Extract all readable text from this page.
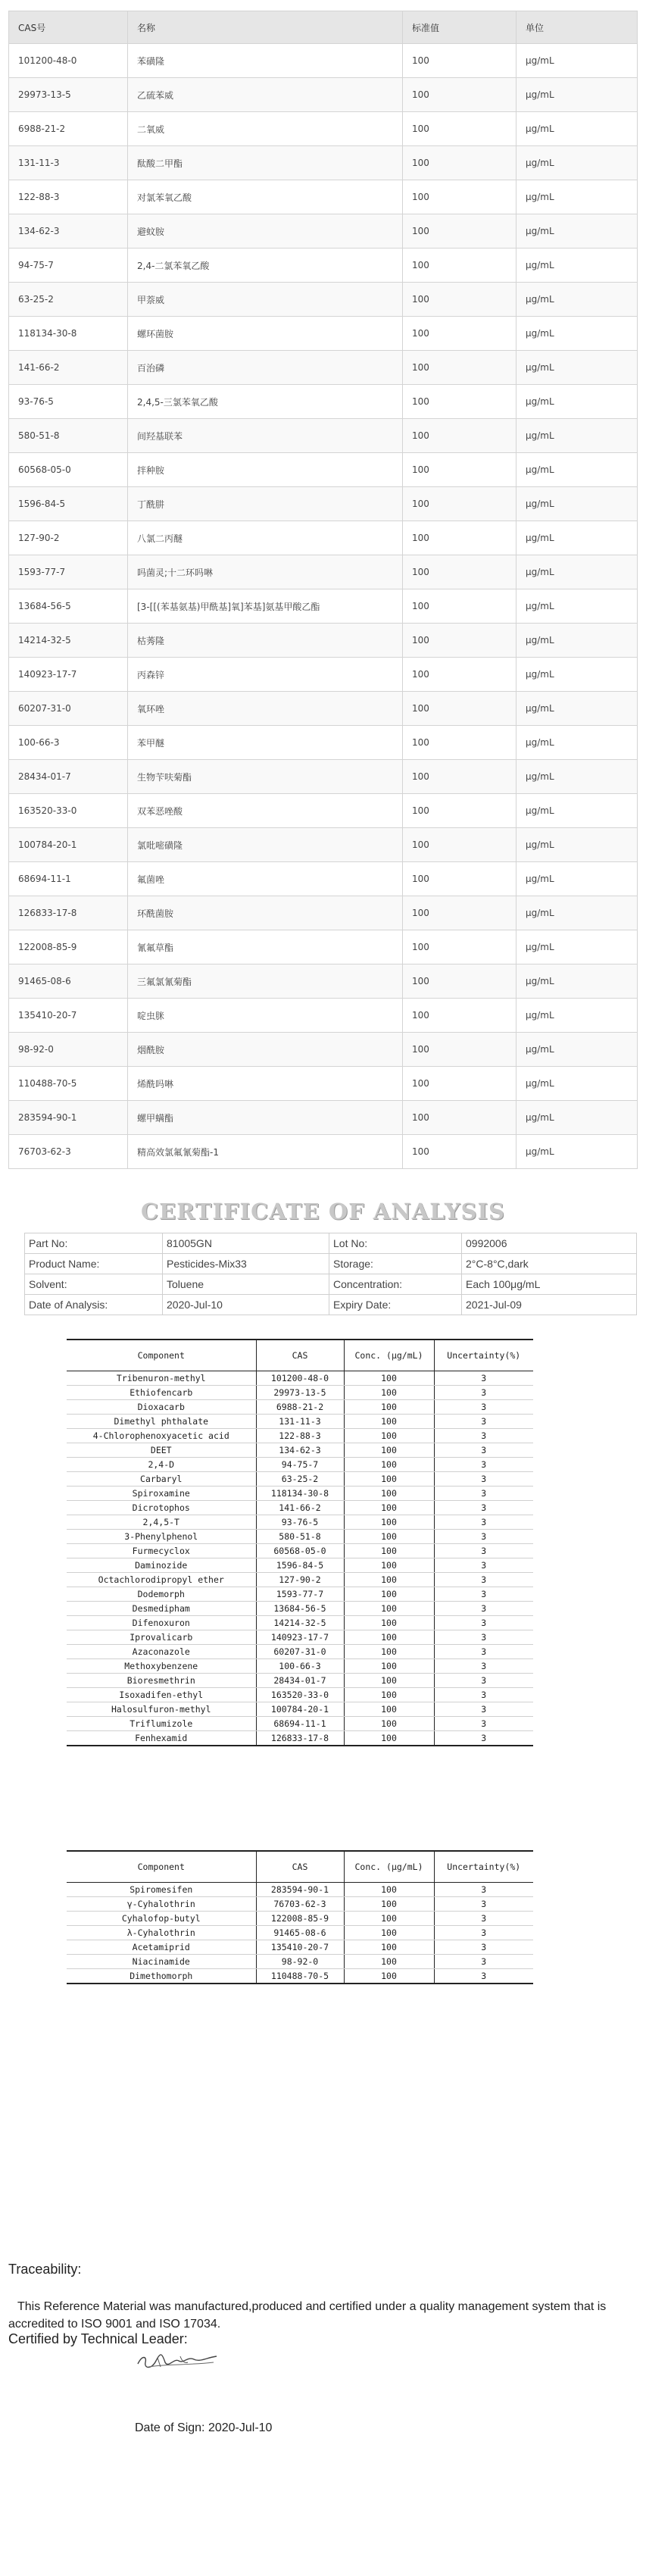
CAS号	名称	标准值	单位
101200-48-0	苯磺隆	100	μg/mL
29973-13-5	乙硫苯威	100	μg/mL
6988-21-2	二氧威	100	μg/mL
131-11-3	酞酸二甲酯	100	μg/mL
122-88-3	对氯苯氧乙酸	100	μg/mL
134-62-3	避蚊胺	100	μg/mL
94-75-7	2,4-二氯苯氧乙酸	100	μg/mL
63-25-2	甲萘威	100	μg/mL
118134-30-8	螺环菌胺	100	μg/mL
141-66-2	百治磷	100	μg/mL
93-76-5	2,4,5-三氯苯氧乙酸	100	μg/mL
580-51-8	间羟基联苯	100	μg/mL
60568-05-0	拌种胺	100	μg/mL
1596-84-5	丁酰肼	100	μg/mL
127-90-2	八氯二丙醚	100	μg/mL
1593-77-7	吗菌灵;十二环吗啉	100	μg/mL
13684-56-5	[3-[[(苯基氨基)甲酰基]氧]苯基]氨基甲酸乙酯	100	μg/mL
14214-32-5	枯莠隆	100	μg/mL
140923-17-7	丙森锌	100	μg/mL
60207-31-0	氧环唑	100	μg/mL
100-66-3	苯甲醚	100	μg/mL
28434-01-7	生物苄呋菊酯	100	μg/mL
163520-33-0	双苯恶唑酸	100	μg/mL
100784-20-1	氯吡嘧磺隆	100	μg/mL
68694-11-1	氟菌唑	100	μg/mL
126833-17-8	环酰菌胺	100	μg/mL
122008-85-9	氰氟草酯	100	μg/mL
91465-08-6	三氟氯氰菊酯	100	μg/mL
135410-20-7	啶虫脒	100	μg/mL
98-92-0	烟酰胺	100	μg/mL
110488-70-5	烯酰吗啉	100	μg/mL
283594-90-1	螺甲螨酯	100	μg/mL
76703-62-3	精高效氯氟氰菊酯-1	100	μg/mL
CERTIFICATE OF ANALYSIS
Part No:	81005GN	Lot No:	0992006
Product Name:	Pesticides-Mix33	Storage:	2°C-8°C,dark
Solvent:	Toluene	Concentration:	Each 100μg/mL
Date of Analysis:	2020-Jul-10	Expiry Date:	2021-Jul-09
Component	CAS	Conc. (μg/mL)	Uncertainty(%)
Tribenuron-methyl	101200-48-0	100	3
Ethiofencarb	29973-13-5	100	3
Dioxacarb	6988-21-2	100	3
Dimethyl phthalate	131-11-3	100	3
4-Chlorophenoxyacetic acid	122-88-3	100	3
DEET	134-62-3	100	3
2,4-D	94-75-7	100	3
Carbaryl	63-25-2	100	3
Spiroxamine	118134-30-8	100	3
Dicrotophos	141-66-2	100	3
2,4,5-T	93-76-5	100	3
3-Phenylphenol	580-51-8	100	3
Furmecyclox	60568-05-0	100	3
Daminozide	1596-84-5	100	3
Octachlorodipropyl ether	127-90-2	100	3
Dodemorph	1593-77-7	100	3
Desmedipham	13684-56-5	100	3
Difenoxuron	14214-32-5	100	3
Iprovalicarb	140923-17-7	100	3
Azaconazole	60207-31-0	100	3
Methoxybenzene	100-66-3	100	3
Bioresmethrin	28434-01-7	100	3
Isoxadifen-ethyl	163520-33-0	100	3
Halosulfuron-methyl	100784-20-1	100	3
Triflumizole	68694-11-1	100	3
Fenhexamid	126833-17-8	100	3
Component	CAS	Conc. (μg/mL)	Uncertainty(%)
Spiromesifen	283594-90-1	100	3
γ-Cyhalothrin	76703-62-3	100	3
Cyhalofop-butyl	122008-85-9	100	3
λ-Cyhalothrin	91465-08-6	100	3
Acetamiprid	135410-20-7	100	3
Niacinamide	98-92-0	100	3
Dimethomorph	110488-70-5	100	3

Traceability:

This Reference Material was manufactured,produced and certified under a quality management system that is accredited to ISO 9001 and ISO 17034.

Certified by Technical Leader:

Date of Sign: 2020-Jul-10
